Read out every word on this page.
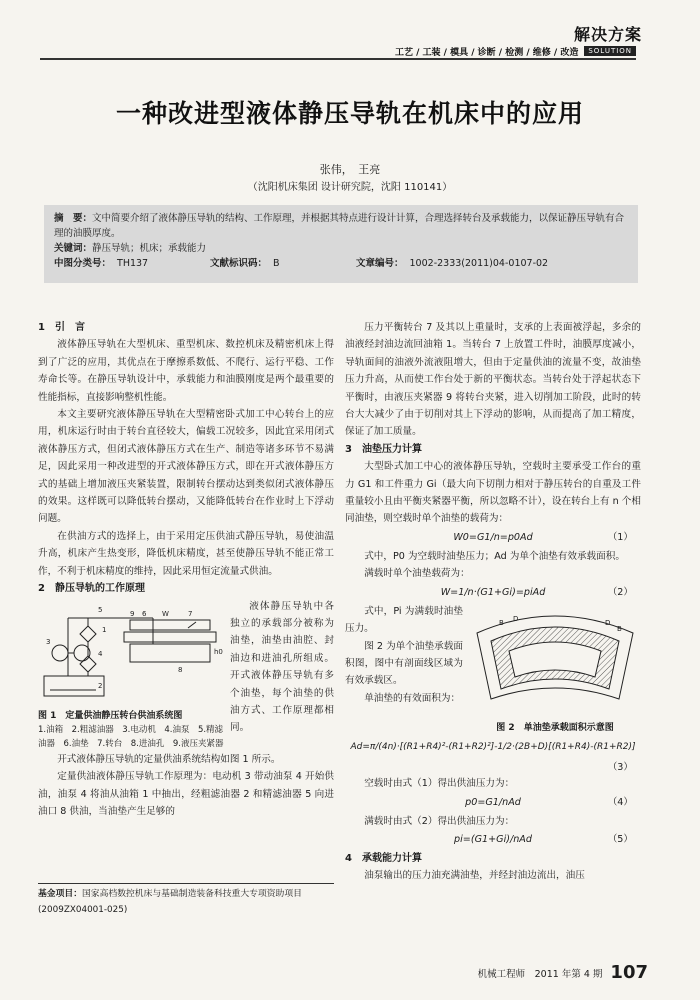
解决方案
工艺 / 工装 / 模具 / 诊断 / 检测 / 维修 / 改造	SOLUTION
一种改进型液体静压导轨在机床中的应用
张伟，　王亮
（沈阳机床集团 设计研究院，沈阳 110141）
摘　要：文中简要介绍了液体静压导轨的结构、工作原理，并根据其特点进行设计计算，合理选择转台及承载能力，以保证静压导轨有合理的油膜厚度。
关键词：静压导轨；机床；承载能力
中图分类号： TH137	文献标识码： B	文章编号： 1002-2333(2011)04-0107-02

1　引　言

液体静压导轨在大型机床、重型机床、数控机床及精密机床上得到了广泛的应用，其优点在于摩擦系数低、不爬行、运行平稳、工作寿命长等。在静压导轨设计中，承载能力和油膜刚度是两个最重要的性能指标，直接影响整机性能。

本文主要研究液体静压导轨在大型精密卧式加工中心转台上的应用，机床运行时由于转台直径较大，偏载工况较多，因此宜采用闭式液体静压方式，但闭式液体静压方式在生产、制造等诸多环节不易满足，因此采用一种改进型的开式液体静压方式，即在开式液体静压方式的基础上增加液压夹紧装置，限制转台摆动达到类似闭式液体静压的效果。这样既可以降低转台摆动，又能降低转台在作业时上下浮动问题。

在供油方式的选择上，由于采用定压供油式静压导轨，易使油温升高，机床产生热变形，降低机床精度，甚至使静压导轨不能正常工作，不利于机床精度的维持，因此采用恒定流量式供油。

2　静压导轨的工作原理

5
1
3
4
9 6 W	7
8
2
h0
图 1　定量供油静压转台供油系统图
1.油箱　2.粗滤油器　3.电动机　4.油泵　5.精滤油器　6.油垫　7.转台　8.进油孔　9.液压夹紧器

液体静压导轨中各独立的承载部分被称为油垫，油垫由油腔、封油边和进油孔所组成。开式液体静压导轨有多个油垫，每个油垫的供油方式、工作原理都相同。

开式液体静压导轨的定量供油系统结构如图 1 所示。

定量供油液体静压导轨工作原理为：电动机 3 带动油泵 4 开始供油，油泵 4 将油从油箱 1 中抽出，经粗滤油器 2 和精滤油器 5 向进油口 8 供油，当油垫产生足够的

基金项目：国家高档数控机床与基础制造装备科技重大专项资助项目(2009ZX04001-025)

压力平衡转台 7 及其以上重量时，支承的上表面被浮起，多余的油液经封油边流回油箱 1。当转台 7 上放置工件时，油膜厚度减小，导轨面间的油液外流液阻增大，但由于定量供油的流量不变，故油垫压力升高，从而使工作台处于新的平衡状态。当转台处于浮起状态下平衡时，由液压夹紧器 9 将转台夹紧，进入切削加工阶段，此时的转台大大减少了由于切削对其上下浮动的影响，从而提高了加工精度，保证了加工质量。

3　油垫压力计算

大型卧式加工中心的液体静压导轨，空载时主要承受工作台的重力 G1 和工件重力 Gi（最大向下切削力相对于静压转台的自重及工件重量较小且由平衡夹紧器平衡，所以忽略不计），设在转台上有 n 个相同油垫，则空载时单个油垫的载荷为：

W0=G1/n=p0Ad	（1）

式中，P0 为空载时油垫压力；Ad 为单个油垫有效承载面积。

满载时单个油垫载荷为：

W=1/n·(G1+Gi)=piAd	（2）

式中，Pi 为满载时油垫压力。

图 2 为单个油垫承载面积图，图中有剖面线区域为有效承载区。

单油垫的有效面积为：

B D	D
B
图 2　单油垫承载面积示意图
Ad=π/(4n)·[(R1+R4)²-(R1+R2)²]-1/2·(2B+D)[(R1+R4)-(R1+R2)]
（3）

空载时由式（1）得出供油压力为：

p0=G1/nAd	（4）

满载时由式（2）得出供油压力为：

pi=(G1+Gi)/nAd	（5）

4　承载能力计算

油泵输出的压力油充满油垫，并经封油边流出，油压

机械工程师　2011 年第 4 期 107
